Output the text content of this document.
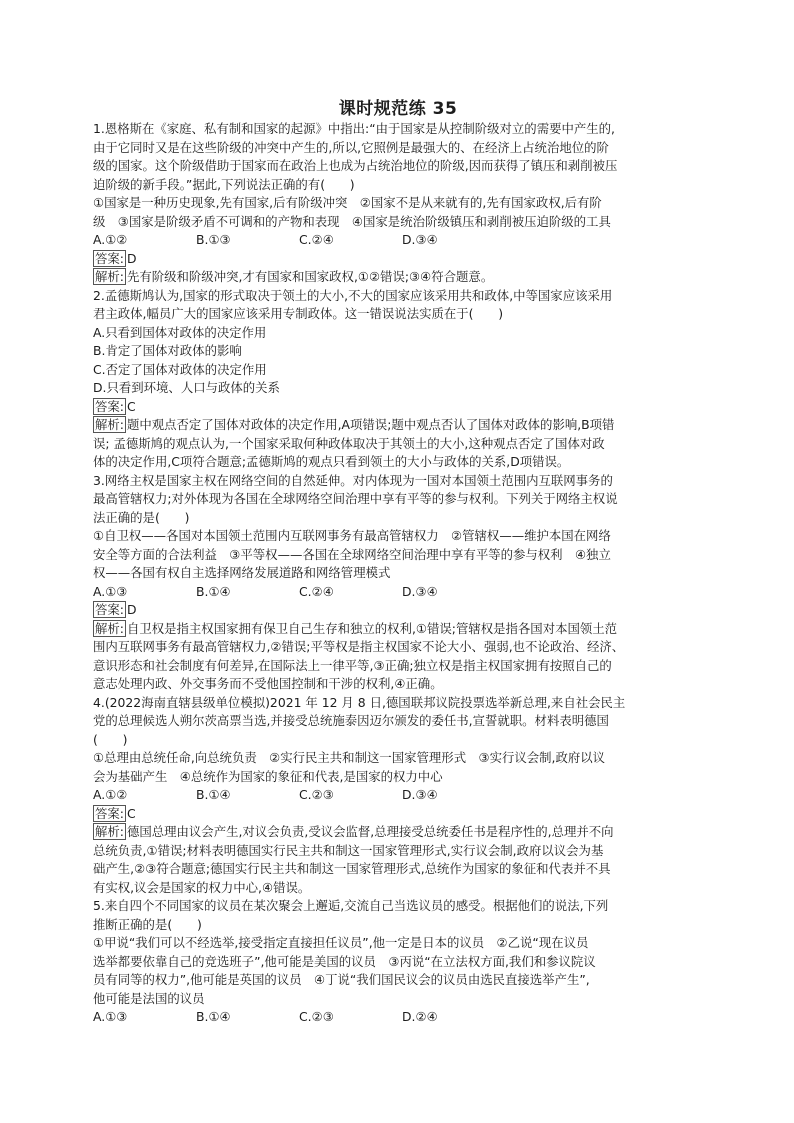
课时规范练 35
1.恩格斯在《家庭、私有制和国家的起源》中指出:“由于国家是从控制阶级对立的需要中产生的,
由于它同时又是在这些阶级的冲突中产生的,所以,它照例是最强大的、在经济上占统治地位的阶
级的国家。这个阶级借助于国家而在政治上也成为占统治地位的阶级,因而获得了镇压和剥削被压
迫阶级的新手段。”据此,下列说法正确的有(　　)
①国家是一种历史现象,先有国家,后有阶级冲突　②国家不是从来就有的,先有国家政权,后有阶
级　③国家是阶级矛盾不可调和的产物和表现　④国家是统治阶级镇压和剥削被压迫阶级的工具
A.①②	B.①③	C.②④	D.③④
答案: D
解析: 先有阶级和阶级冲突,才有国家和国家政权,①②错误;③④符合题意。
2.孟德斯鸠认为,国家的形式取决于领土的大小,不大的国家应该采用共和政体,中等国家应该采用
君主政体,幅员广大的国家应该采用专制政体。这一错误说法实质在于(　　)
A.只看到国体对政体的决定作用
B.肯定了国体对政体的影响
C.否定了国体对政体的决定作用
D.只看到环境、人口与政体的关系
答案: C
解析: 题中观点否定了国体对政体的决定作用,A项错误;题中观点否认了国体对政体的影响,B项错
误; 孟德斯鸠的观点认为,一个国家采取何种政体取决于其领土的大小,这种观点否定了国体对政
体的决定作用,C项符合题意;孟德斯鸠的观点只看到领土的大小与政体的关系,D项错误。
3.网络主权是国家主权在网络空间的自然延伸。对内体现为一国对本国领土范围内互联网事务的
最高管辖权力;对外体现为各国在全球网络空间治理中享有平等的参与权利。下列关于网络主权说
法正确的是(　　)
①自卫权——各国对本国领土范围内互联网事务有最高管辖权力　②管辖权——维护本国在网络
安全等方面的合法利益　③平等权——各国在全球网络空间治理中享有平等的参与权利　④独立
权——各国有权自主选择网络发展道路和网络管理模式
A.①③	B.①④	C.②④	D.③④
答案: D
解析: 自卫权是指主权国家拥有保卫自己生存和独立的权利,①错误;管辖权是指各国对本国领土范
围内互联网事务有最高管辖权力,②错误;平等权是指主权国家不论大小、强弱,也不论政治、经济、
意识形态和社会制度有何差异,在国际法上一律平等,③正确;独立权是指主权国家拥有按照自己的
意志处理内政、外交事务而不受他国控制和干涉的权利,④正确。
4.(2022海南直辖县级单位模拟)2021 年 12 月 8 日,德国联邦议院投票选举新总理,来自社会民主
党的总理候选人朔尔茨高票当选,并接受总统施泰因迈尔颁发的委任书,宣誓就职。材料表明德国
(　　)
①总理由总统任命,向总统负责　②实行民主共和制这一国家管理形式　③实行议会制,政府以议
会为基础产生　④总统作为国家的象征和代表,是国家的权力中心
A.①②	B.①④	C.②③	D.③④
答案: C
解析: 德国总理由议会产生,对议会负责,受议会监督,总理接受总统委任书是程序性的,总理并不向
总统负责,①错误;材料表明德国实行民主共和制这一国家管理形式,实行议会制,政府以议会为基
础产生,②③符合题意;德国实行民主共和制这一国家管理形式,总统作为国家的象征和代表并不具
有实权,议会是国家的权力中心,④错误。
5.来自四个不同国家的议员在某次聚会上邂逅,交流自己当选议员的感受。根据他们的说法,下列
推断正确的是(　　)
①甲说“我们可以不经选举,接受指定直接担任议员”,他一定是日本的议员　②乙说“现在议员
选举都要依靠自己的竞选班子”,他可能是美国的议员　③丙说“在立法权方面,我们和参议院议
员有同等的权力”,他可能是英国的议员　④丁说“我们国民议会的议员由选民直接选举产生”,
他可能是法国的议员
A.①③	B.①④	C.②③	D.②④
